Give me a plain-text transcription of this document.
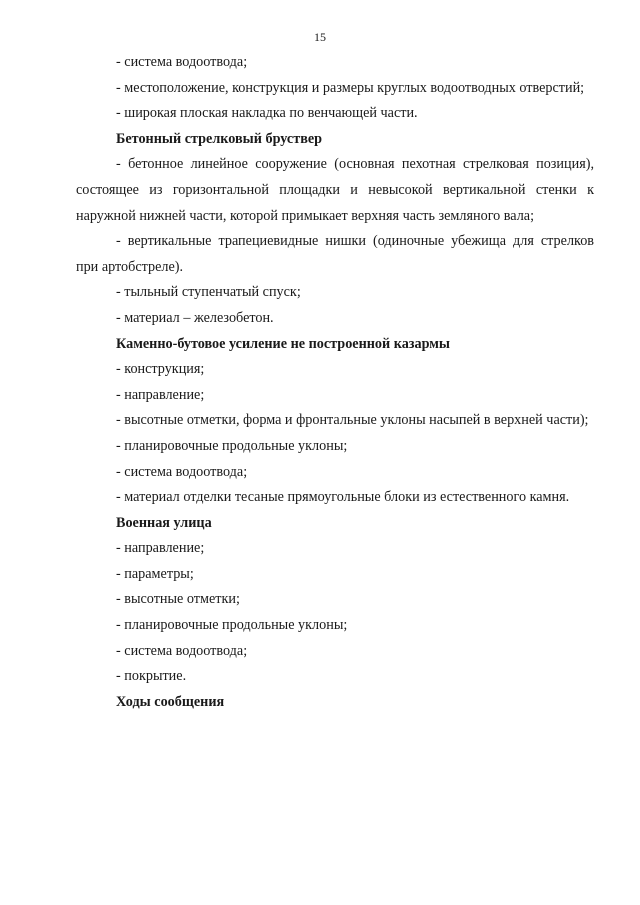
15

- система водоотвода;

- местоположение, конструкция и размеры круглых водоотводных отверстий;

- широкая плоская накладка по венчающей части.

Бетонный стрелковый бруствер

- бетонное линейное сооружение (основная пехотная стрелковая позиция), состоящее из горизонтальной площадки и невысокой вертикальной стенки к наружной нижней части, которой примыкает верхняя часть земляного вала;

- вертикальные трапециевидные нишки (одиночные убежища для стрелков при артобстреле).

- тыльный ступенчатый спуск;

- материал – железобетон.

Каменно-бутовое усиление не построенной казармы

- конструкция;

- направление;

- высотные отметки, форма и фронтальные уклоны насыпей в верхней части);

- планировочные продольные уклоны;

- система водоотвода;

- материал отделки тесаные прямоугольные блоки из естественного камня.

Военная улица

- направление;

- параметры;

- высотные отметки;

- планировочные продольные уклоны;

- система водоотвода;

- покрытие.

Ходы сообщения
